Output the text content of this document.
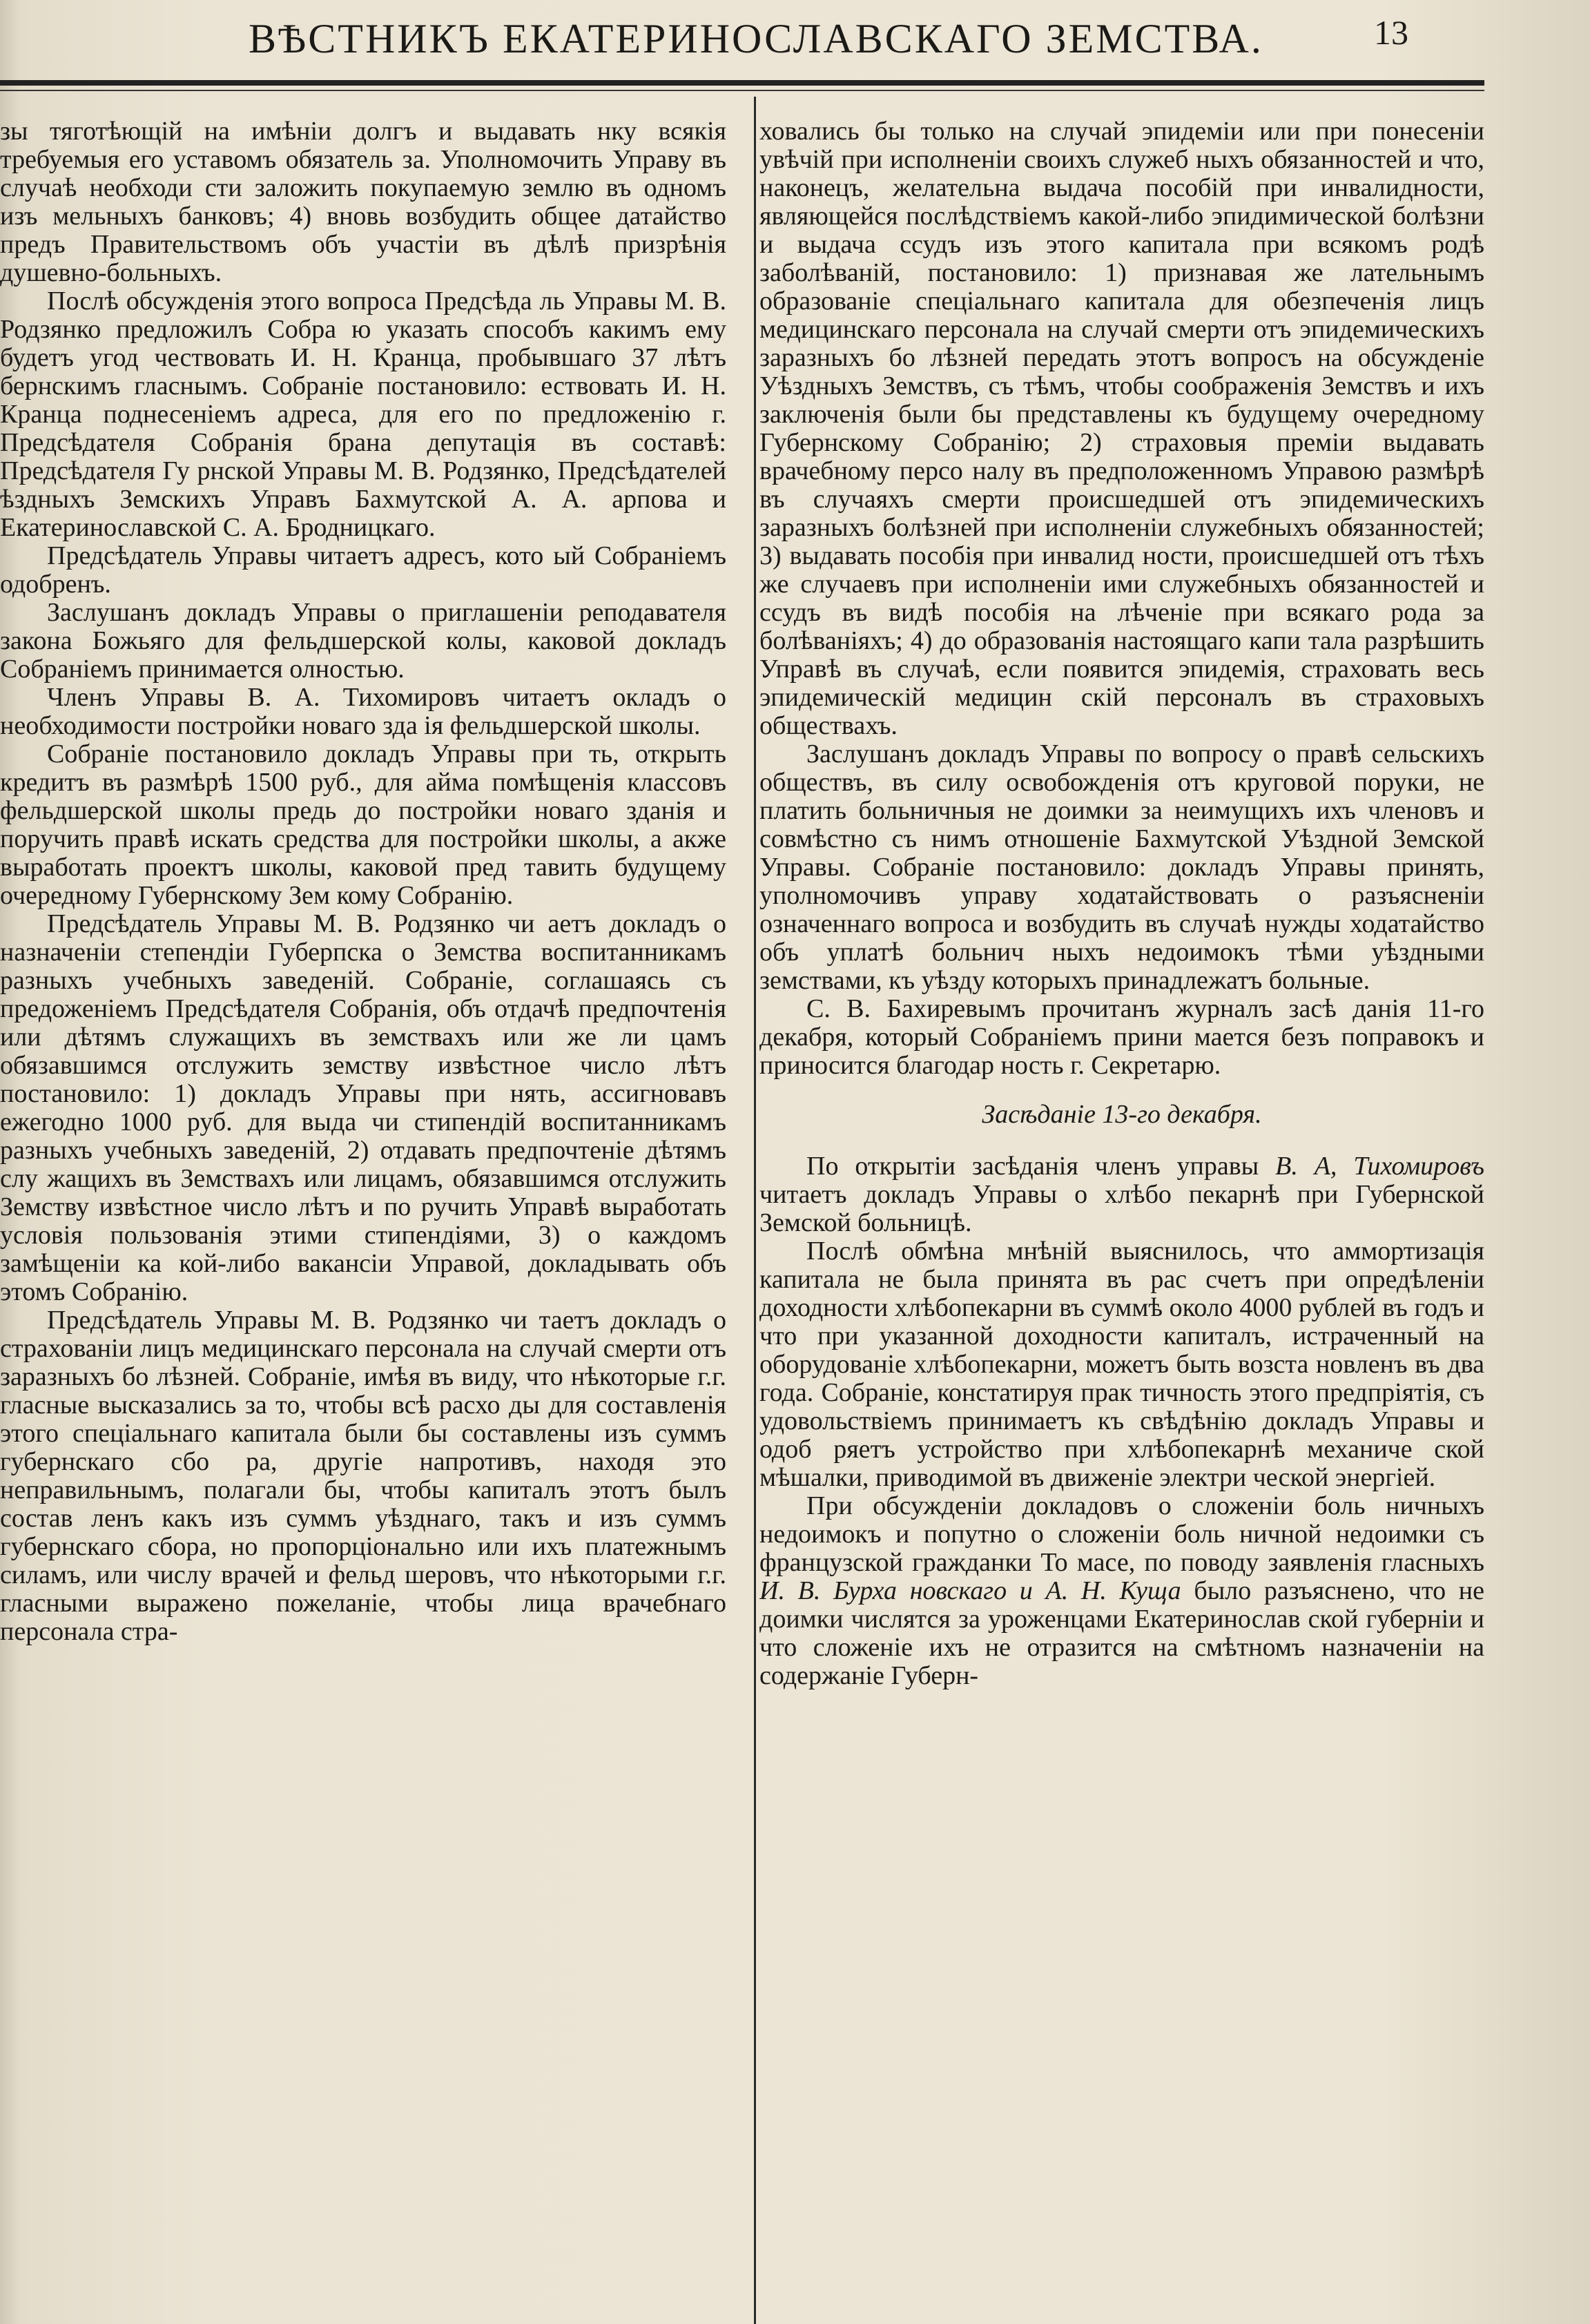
ВѢСТНИКЪ ЕКАТЕРИНОСЛАВСКАГО ЗЕМСТВА.	13

зы тяготѣющій на имѣніи долгъ и выдавать нку всякія требуемыя его уставомъ обязатель за. Уполномочить Управу въ случаѣ необходи сти заложить покупаемую землю въ одномъ изъ мельныхъ банковъ; 4) вновь возбудить общее датайство предъ Правительствомъ объ участіи въ дѣлѣ призрѣнія душевно-больныхъ.

Послѣ обсужденія этого вопроса Предсѣда ль Управы М. В. Родзянко предложилъ Собра ю указать способъ какимъ ему будетъ угод чествовать И. Н. Кранца, пробывшаго 37 лѣтъ бернскимъ гласнымъ. Собраніе постановило: ествовать И. Н. Кранца поднесеніемъ адреса, для его по предложенію г. Предсѣдателя Собранія брана депутація въ составѣ: Предсѣдателя Гу рнской Управы М. В. Родзянко, Предсѣдателей ѣздныхъ Земскихъ Управъ Бахмутской А. А. арпова и Екатеринославской С. А. Бродницкаго.

Предсѣдатель Управы читаетъ адресъ, кото ый Собраніемъ одобренъ.

Заслушанъ докладъ Управы о приглашеніи реподавателя закона Божьяго для фельдшерской колы, каковой докладъ Собраніемъ принимается олностью.

Членъ Управы В. А. Тихомировъ читаетъ окладъ о необходимости постройки новаго зда ія фельдшерской школы.

Собраніе постановило докладъ Управы при ть, открыть кредитъ въ размѣрѣ 1500 руб., для айма помѣщенія классовъ фельдшерской школы предь до постройки новаго зданія и поручить правѣ искать средства для постройки школы, а акже выработать проектъ школы, каковой пред тавить будущему очередному Губернскому Зем кому Собранію.

Предсѣдатель Управы М. В. Родзянко чи аетъ докладъ о назначеніи степендіи Губерпска о Земства воспитанникамъ разныхъ учебныхъ заведеній. Собраніе, соглашаясь съ предоженіемъ Предсѣдателя Собранія, объ отдачѣ предпочтенія или дѣтямъ служащихъ въ земствахъ или же ли цамъ обязавшимся отслужить земству извѣстное число лѣтъ постановило: 1) докладъ Управы при нять, ассигновавъ ежегодно 1000 руб. для выда чи стипендій воспитанникамъ разныхъ учебныхъ заведеній, 2) отдавать предпочтеніе дѣтямъ слу жащихъ въ Земствахъ или лицамъ, обязавшимся отслужить Земству извѣстное число лѣтъ и по ручить Управѣ выработать условія пользованія этими стипендіями, 3) о каждомъ замѣщеніи ка кой-либо вакансіи Управой, докладывать объ этомъ Собранію.

Предсѣдатель Управы М. В. Родзянко чи таетъ докладъ о страхованіи лицъ медицинскаго персонала на случай смерти отъ заразныхъ бо лѣзней. Собраніе, имѣя въ виду, что нѣкоторые г.г. гласные высказались за то, чтобы всѣ расхо ды для составленія этого спеціальнаго капитала были бы составлены изъ суммъ губернскаго сбо ра, другіе напротивъ, находя это неправильнымъ, полагали бы, чтобы капиталъ этотъ былъ состав ленъ какъ изъ суммъ уѣзднаго, такъ и изъ суммъ губернскаго сбора, но пропорціонально или ихъ платежнымъ силамъ, или числу врачей и фельд шеровъ, что нѣкоторыми г.г. гласными выражено пожеланіе, чтобы лица врачебнаго персонала стра-

ховались бы только на случай эпидеміи или при понесеніи увѣчій при исполненіи своихъ служеб ныхъ обязанностей и что, наконецъ, желательна выдача пособій при инвалидности, являющейся послѣдствіемъ какой-либо эпидимической болѣзни и выдача ссудъ изъ этого капитала при всякомъ родѣ заболѣваній, постановило: 1) признавая же лательнымъ образованіе спеціальнаго капитала для обезпеченія лицъ медицинскаго персонала на случай смерти отъ эпидемическихъ заразныхъ бо лѣзней передать этотъ вопросъ на обсужденіе Уѣздныхъ Земствъ, съ тѣмъ, чтобы соображенія Земствъ и ихъ заключенія были бы представлены къ будущему очередному Губернскому Собранію; 2) страховыя преміи выдавать врачебному персо налу въ предположенномъ Управою размѣрѣ въ случаяхъ смерти происшедшей отъ эпидемическихъ заразныхъ болѣзней при исполненіи служебныхъ обязанностей; 3) выдавать пособія при инвалид ности, происшедшей отъ тѣхъ же случаевъ при исполненіи ими служебныхъ обязанностей и ссудъ въ видѣ пособія на лѣченіе при всякаго рода за болѣваніяхъ; 4) до образованія настоящаго капи тала разрѣшить Управѣ въ случаѣ, если появится эпидемія, страховать весь эпидемическій медицин скій персоналъ въ страховыхъ обществахъ.

Заслушанъ докладъ Управы по вопросу о правѣ сельскихъ обществъ, въ силу освобожденія отъ круговой поруки, не платить больничныя не доимки за неимущихъ ихъ членовъ и совмѣстно съ нимъ отношеніе Бахмутской Уѣздной Земской Управы. Собраніе постановило: докладъ Управы принять, уполномочивъ управу ходатайствовать о разъясненіи означеннаго вопроса и возбудить въ случаѣ нужды ходатайство объ уплатѣ больнич ныхъ недоимокъ тѣми уѣздными земствами, къ уѣзду которыхъ принадлежатъ больные.

С. В. Бахиревымъ прочитанъ журналъ засѣ данія 11-го декабря, который Собраніемъ прини мается безъ поправокъ и приносится благодар ность г. Секретарю.

Засѣданіе 13-го декабря.

По открытіи засѣданія членъ управы В. А, Тихомировъ читаетъ докладъ Управы о хлѣбо пекарнѣ при Губернской Земской больницѣ.

Послѣ обмѣна мнѣній выяснилось, что аммортизація капитала не была принята въ рас счетъ при опредѣленіи доходности хлѣбопекарни въ суммѣ около 4000 рублей въ годъ и что при указанной доходности капиталъ, истраченный на оборудованіе хлѣбопекарни, можетъ быть возста новленъ въ два года. Собраніе, констатируя прак тичность этого предпріятія, съ удовольствіемъ принимаетъ къ свѣдѣнію докладъ Управы и одоб ряетъ устройство при хлѣбопекарнѣ механиче ской мѣшалки, приводимой въ движеніе электри ческой энергіей.

При обсужденіи докладовъ о сложеніи боль ничныхъ недоимокъ и попутно о сложеніи боль ничной недоимки съ французской гражданки То масе, по поводу заявленія гласныхъ И. В. Бурха новскаго и А. Н. Куща было разъяснено, что не доимки числятся за уроженцами Екатеринослав ской губерніи и что сложеніе ихъ не отразится на смѣтномъ назначеніи на содержаніе Губерн-
